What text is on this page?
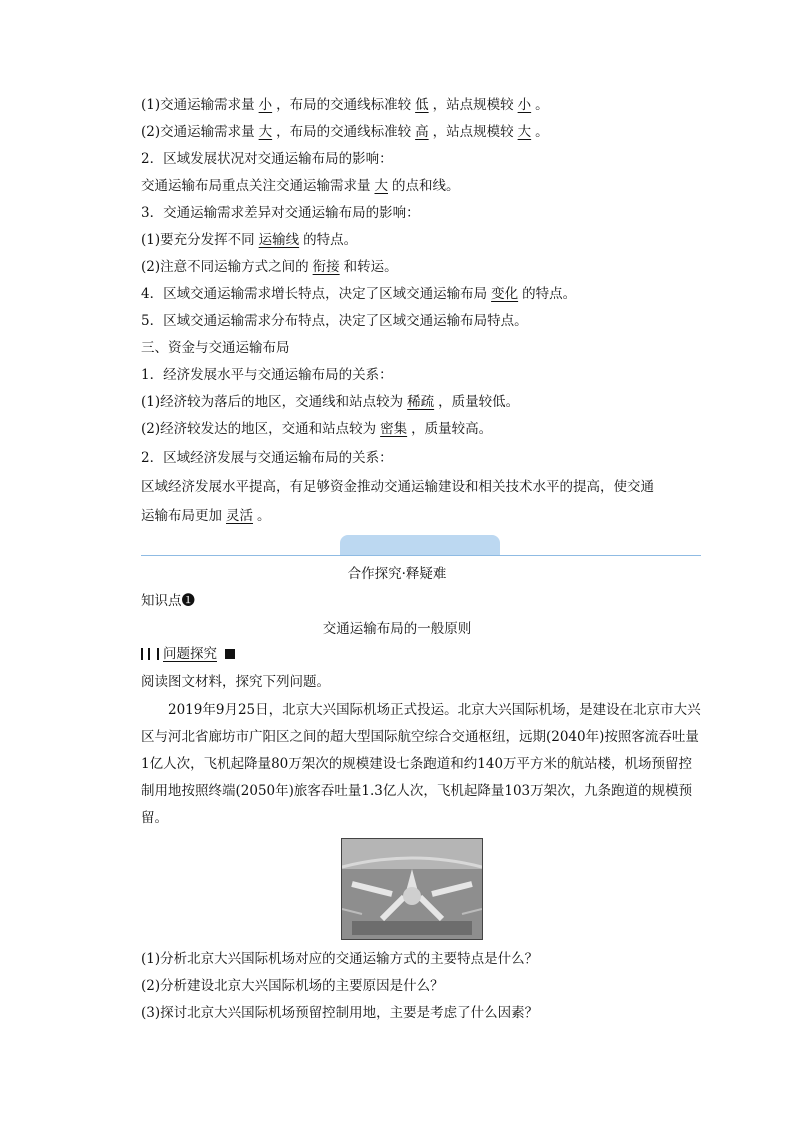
(1)交通运输需求量 小 ，布局的交通线标准较 低 ，站点规模较 小 。
(2)交通运输需求量 大 ，布局的交通线标准较 高 ，站点规模较 大 。
2．区域发展状况对交通运输布局的影响：
交通运输布局重点关注交通运输需求量 大 的点和线。
3．交通运输需求差异对交通运输布局的影响：
(1)要充分发挥不同 运输线 的特点。
(2)注意不同运输方式之间的 衔接 和转运。
4．区域交通运输需求增长特点，决定了区域交通运输布局 变化 的特点。
5．区域交通运输需求分布特点，决定了区域交通运输布局特点。
三、资金与交通运输布局
1．经济发展水平与交通运输布局的关系：
(1)经济较为落后的地区，交通线和站点较为 稀疏 ，质量较低。
(2)经济较发达的地区，交通和站点较为 密集 ，质量较高。
2．区域经济发展与交通运输布局的关系：
区域经济发展水平提高，有足够资金推动交通运输建设和相关技术水平的提高，使交通
运输布局更加 灵活 。
合作探究·释疑难
知识点❶
交通运输布局的一般原则
问题探究
阅读图文材料，探究下列问题。
2019年9月25日，北京大兴国际机场正式投运。北京大兴国际机场，是建设在北京市大兴区与河北省廊坊市广阳区之间的超大型国际航空综合交通枢纽，远期(2040年)按照客流吞吐量1亿人次，飞机起降量80万架次的规模建设七条跑道和约140万平方米的航站楼，机场预留控制用地按照终端(2050年)旅客吞吐量1.3亿人次，飞机起降量103万架次，九条跑道的规模预留。
(1)分析北京大兴国际机场对应的交通运输方式的主要特点是什么？
(2)分析建设北京大兴国际机场的主要原因是什么？
(3)探讨北京大兴国际机场预留控制用地，主要是考虑了什么因素？
